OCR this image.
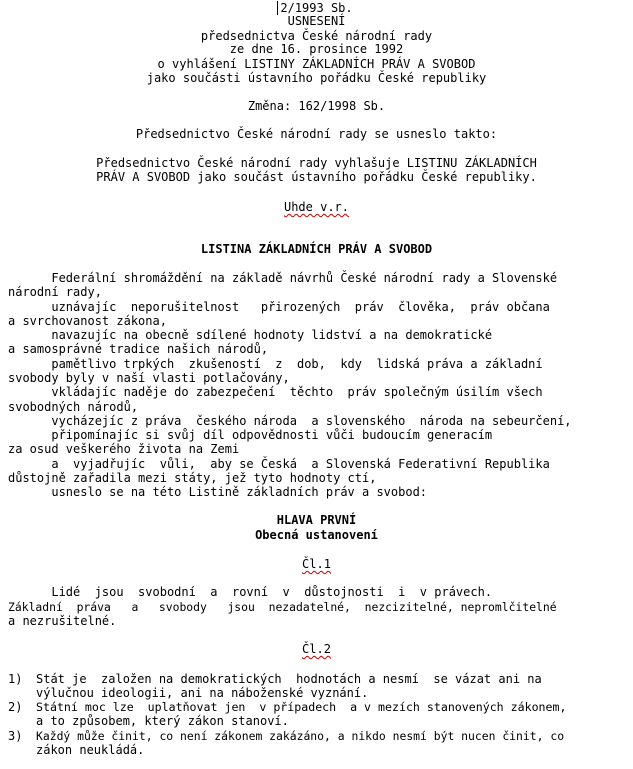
2/1993 Sb.
USNESENÍ
předsednictva České národní rady
ze dne 16. prosince 1992
o vyhlášení LISTINY ZÁKLADNÍCH PRÁV A SVOBOD
jako součásti ústavního pořádku České republiky
Změna: 162/1998 Sb.
Předsednictvo České národní rady se usneslo takto:
Předsednictvo České národní rady vyhlašuje LISTINU ZÁKLADNÍCH
PRÁV A SVOBOD jako součást ústavního pořádku České republiky.
Uhde v.r.
LISTINA ZÁKLADNÍCH PRÁV A SVOBOD
Federální shromáždění na základě návrhů České národní rady a Slovenské
národní rady,
uznávajíc  neporušitelnost   přirozených  práv  člověka,  práv občana
a svrchovanost zákona,
navazujíc na obecně sdílené hodnoty lidství a na demokratické
a samosprávné tradice našich národů,
pamětlivo trpkých  zkušeností  z  dob,  kdy  lidská práva a základní
svobody byly v naší vlasti potlačovány,
vkládajíc naděje do zabezpečení  těchto  práv společným úsilím všech
svobodných národů,
vycházejíc z práva  českého národa  a slovenského  národa na sebeurčení,
připomínajíc si svůj díl odpovědnosti vůči budoucím generacím
za osud veškerého života na Zemi
a  vyjadřujíc  vůli,  aby se Česká  a Slovenská Federativní Republika
důstojně zařadila mezi státy, jež tyto hodnoty ctí,
usneslo se na této Listině základních práv a svobod:
HLAVA PRVNÍ
Obecná ustanovení
Čl.1
Lidé  jsou  svobodní  a  rovní  v  důstojnosti  i  v právech.
Základní  práva   a   svobody   jsou  nezadatelné,  nezcizitelné, nepromlčitelné
a nezrušitelné.
Čl.2
1) Stát je  založen na demokratických  hodnotách a nesmí  se vázat ani na
výlučnou ideologii, ani na náboženské vyznání.
2) Státní moc lze  uplatňovat jen  v případech  a v mezích stanovených zákonem,
a to způsobem, který zákon stanoví.
3) Každý může činit, co není zákonem zakázáno, a nikdo nesmí být nucen činit, co
zákon neukládá.
